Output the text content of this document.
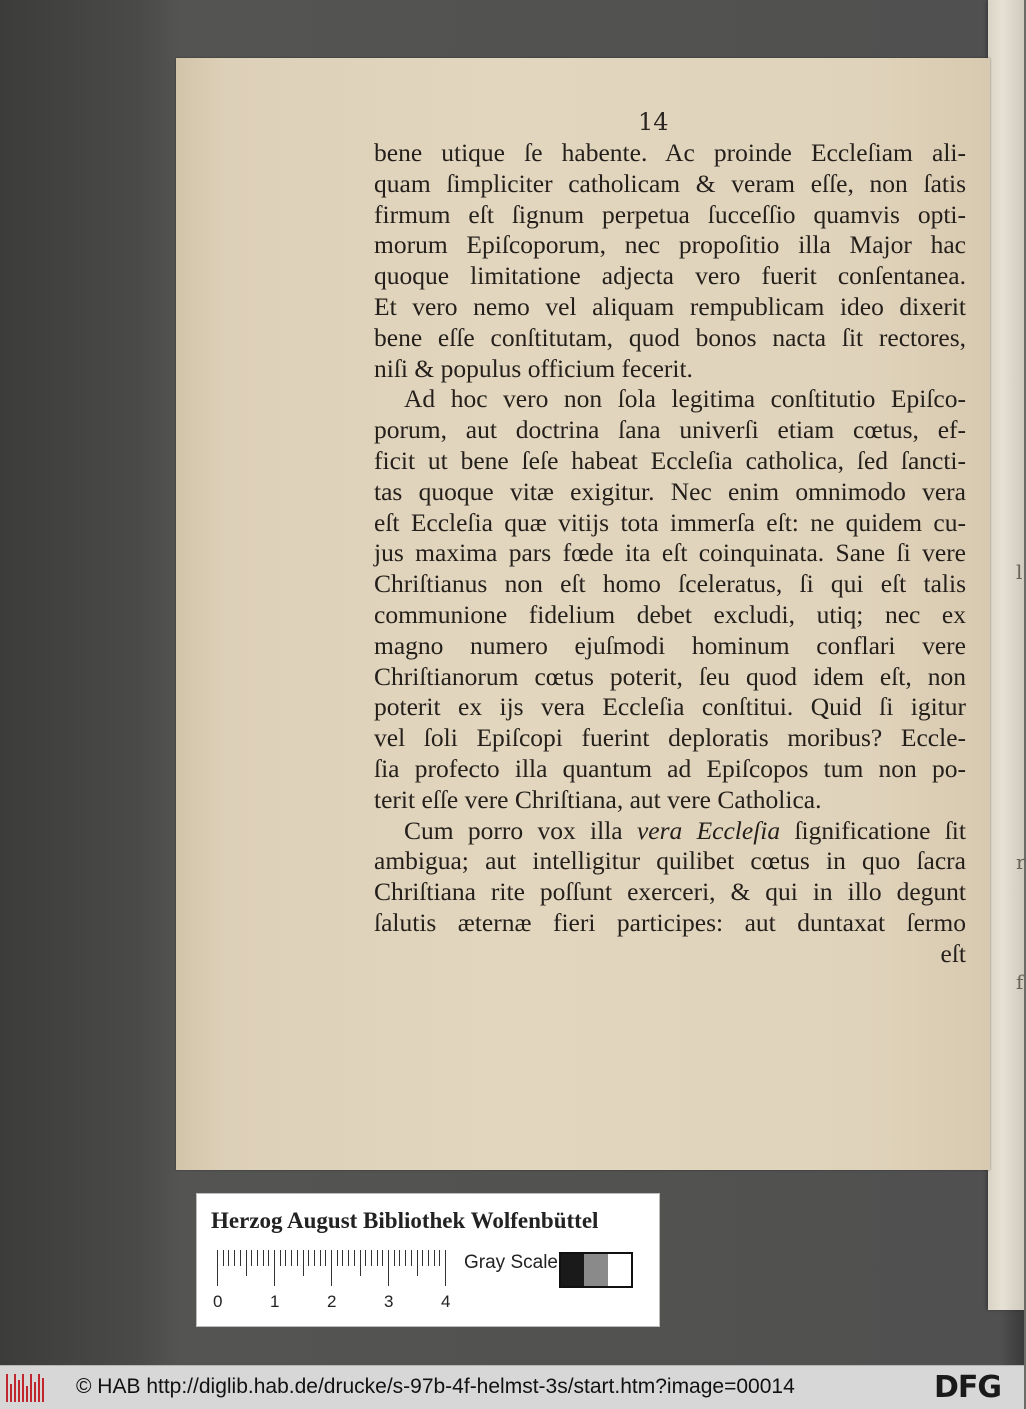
l
r
f
14
bene utique ſe habente. Ac proinde Eccleſiam ali-
quam ſimpliciter catholicam & veram eſſe, non ſatis
firmum eſt ſignum perpetua ſucceſſio quamvis opti-
morum Epiſcoporum, nec propoſitio illa Major hac
quoque limitatione adjecta vero fuerit conſentanea.
Et vero nemo vel aliquam rempublicam ideo dixerit
bene eſſe conſtitutam, quod bonos nacta ſit rectores,
niſi & populus officium fecerit.
Ad hoc vero non ſola legitima conſtitutio Epiſco-
porum, aut doctrina ſana univerſi etiam cœtus, ef-
ficit ut bene ſeſe habeat Eccleſia catholica, ſed ſancti-
tas quoque vitæ exigitur. Nec enim omnimodo vera
eſt Eccleſia quæ vitijs tota immerſa eſt: ne quidem cu-
jus maxima pars fœde ita eſt coinquinata. Sane ſi vere
Chriſtianus non eſt homo ſceleratus, ſi qui eſt talis
communione fidelium debet excludi, utiq; nec ex
magno numero ejuſmodi hominum conflari vere
Chriſtianorum cœtus poterit, ſeu quod idem eſt, non
poterit ex ijs vera Eccleſia conſtitui. Quid ſi igitur
vel ſoli Epiſcopi fuerint deploratis moribus? Eccle-
ſia profecto illa quantum ad Epiſcopos tum non po-
terit eſſe vere Chriſtiana, aut vere Catholica.
Cum porro vox illa vera Eccleſia ſignificatione ſit
ambigua; aut intelligitur quilibet cœtus in quo ſacra
Chriſtiana rite poſſunt exerceri, & qui in illo degunt
ſalutis æternæ fieri participes: aut duntaxat ſermo
eſt
Herzog August Bibliothek Wolfenbüttel
0	1	2	3	4
Gray Scale
© HAB http://diglib.hab.de/drucke/s-97b-4f-helmst-3s/start.htm?image=00014	DFG
